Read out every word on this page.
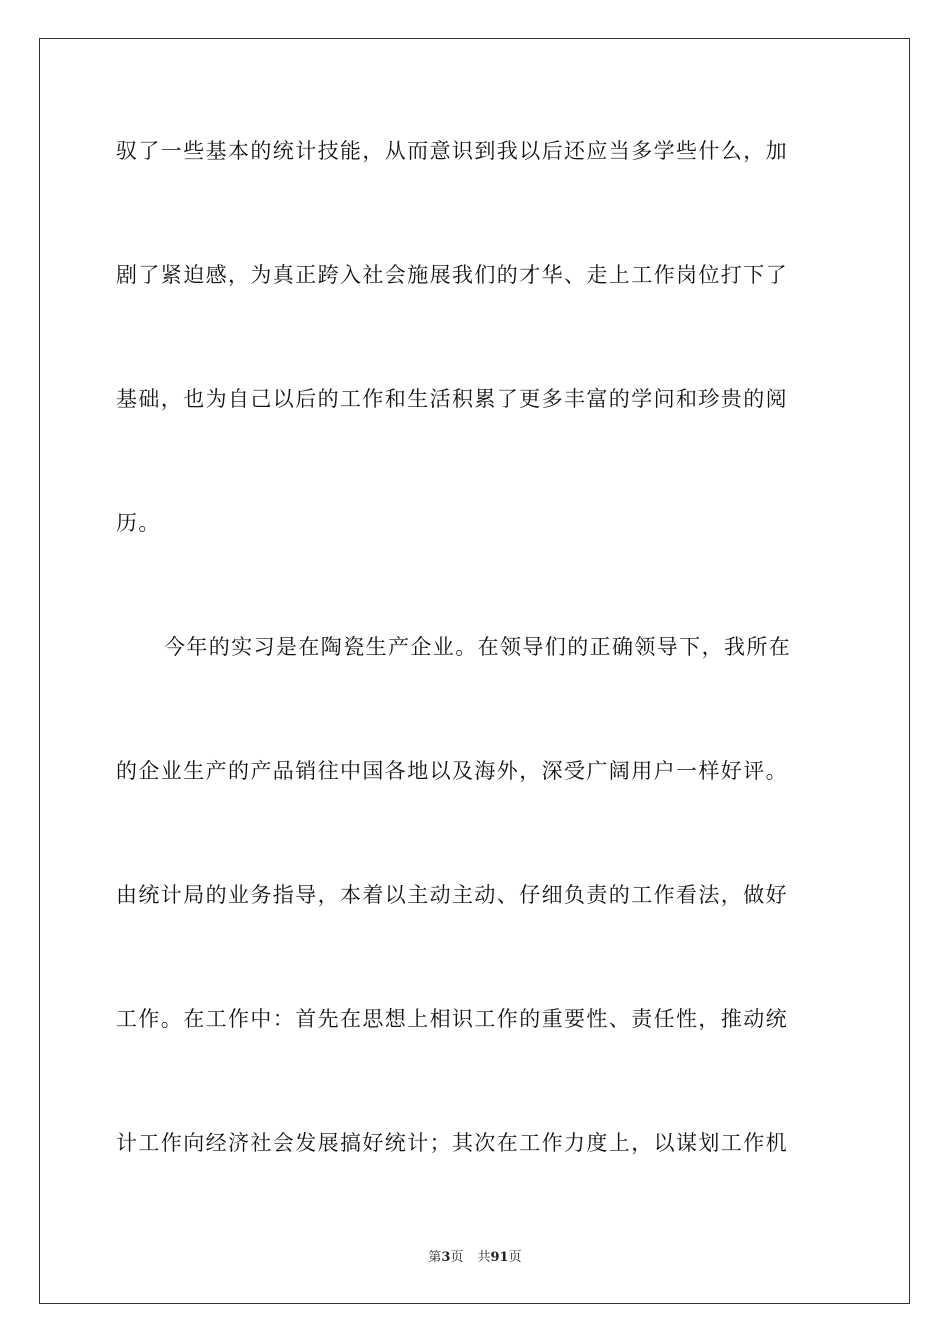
驭了一些基本的统计技能，从而意识到我以后还应当多学些什么，加
剧了紧迫感，为真正跨入社会施展我们的才华、走上工作岗位打下了
基础，也为自己以后的工作和生活积累了更多丰富的学问和珍贵的阅
历。
今年的实习是在陶瓷生产企业。在领导们的正确领导下，我所在
的企业生产的产品销往中国各地以及海外，深受广阔用户一样好评。
由统计局的业务指导，本着以主动主动、仔细负责的工作看法，做好
工作。在工作中：首先在思想上相识工作的重要性、责任性，推动统
计工作向经济社会发展搞好统计；其次在工作力度上，以谋划工作机
第3页 共91页
